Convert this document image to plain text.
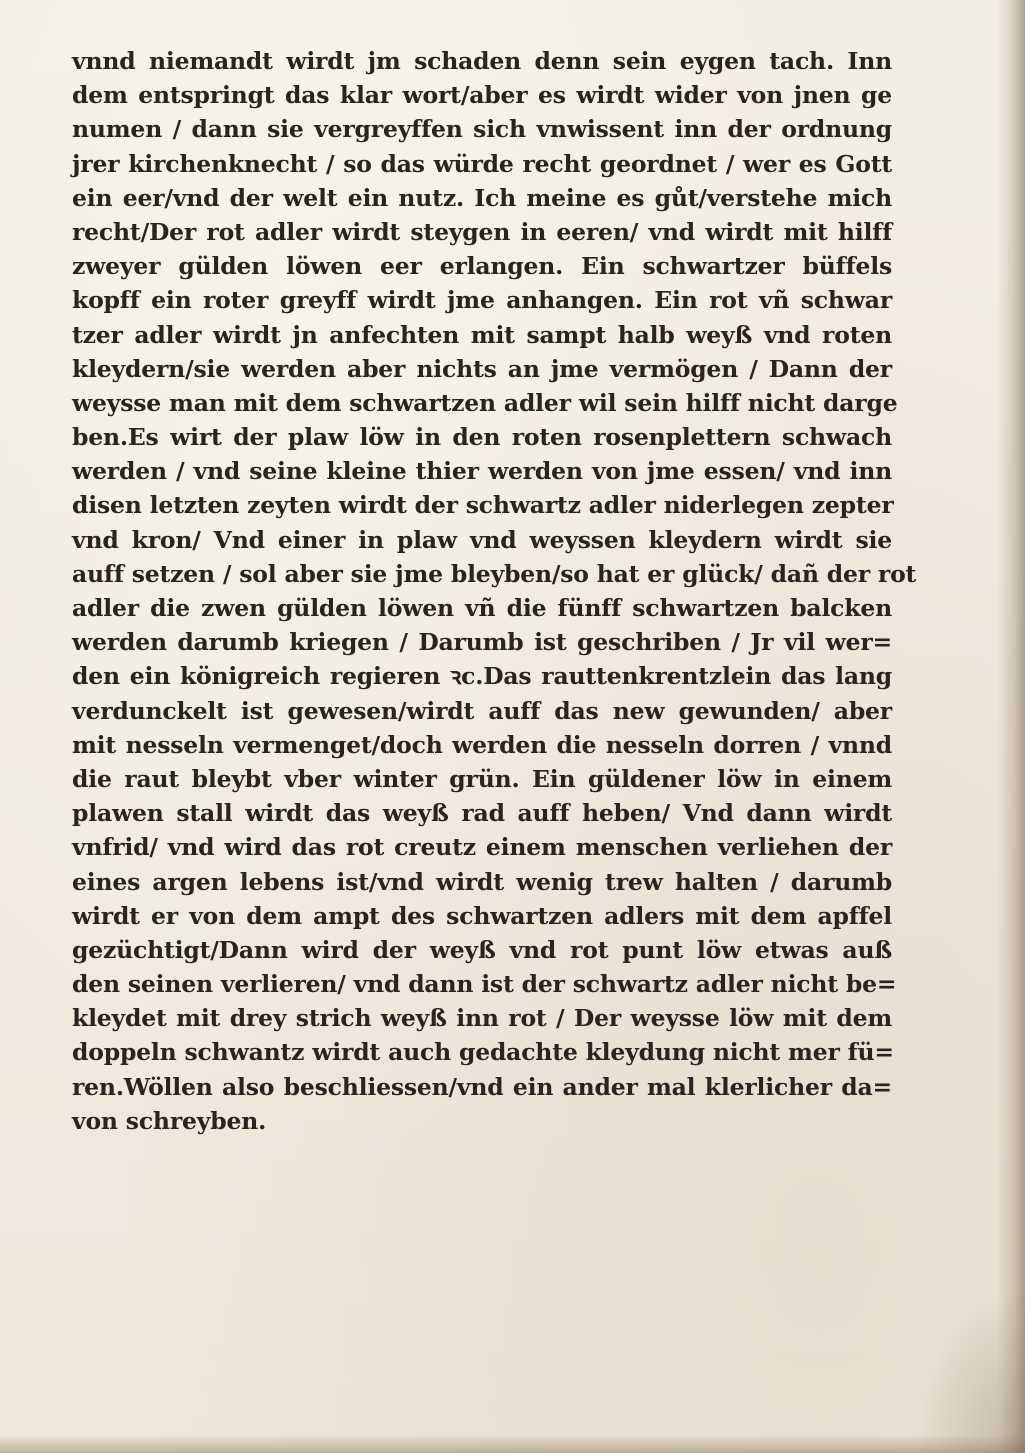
vnnd niemandt wirdt jm schaden denn sein eygen tach. Inn
dem entspringt das klar wort/aber es wirdt wider von jnen ge
numen / dann sie vergreyffen sich vnwissent inn der ordnung
jrer kirchenknecht / so das würde recht geordnet / wer es Gott
ein eer/vnd der welt ein nutz. Ich meine es gůt/verstehe mich
recht/Der rot adler wirdt steygen in eeren/ vnd wirdt mit hilff
zweyer gülden löwen eer erlangen. Ein schwartzer büffels
kopff ein roter greyff wirdt jme anhangen. Ein rot vñ schwar
tzer adler wirdt jn anfechten mit sampt halb weyß vnd roten
kleydern/sie werden aber nichts an jme vermögen / Dann der
weysse man mit dem schwartzen adler wil sein hilff nicht darge
ben.Es wirt der plaw löw in den roten rosenplettern schwach
werden / vnd seine kleine thier werden von jme essen/ vnd inn
disen letzten zeyten wirdt der schwartz adler niderlegen zepter
vnd kron/ Vnd einer in plaw vnd weyssen kleydern wirdt sie
auff setzen / sol aber sie jme bleyben/so hat er glück/ dañ der rot
adler die zwen gülden löwen vñ die fünff schwartzen balcken
werden darumb kriegen / Darumb ist geschriben / Jr vil wer=
den ein königreich regieren ꝛc.Das rauttenkrentzlein das lang
verdunckelt ist gewesen/wirdt auff das new gewunden/ aber
mit nesseln vermenget/doch werden die nesseln dorren / vnnd
die raut bleybt vber winter grün. Ein güldener löw in einem
plawen stall wirdt das weyß rad auff heben/ Vnd dann wirdt
vnfrid/ vnd wird das rot creutz einem menschen verliehen der
eines argen lebens ist/vnd wirdt wenig trew halten / darumb
wirdt er von dem ampt des schwartzen adlers mit dem apffel
gezüchtigt/Dann wird der weyß vnd rot punt löw etwas auß
den seinen verlieren/ vnd dann ist der schwartz adler nicht be=
kleydet mit drey strich weyß inn rot / Der weysse löw mit dem
doppeln schwantz wirdt auch gedachte kleydung nicht mer fü=
ren.Wöllen also beschliessen/vnd ein ander mal klerlicher da=
von schreyben.
